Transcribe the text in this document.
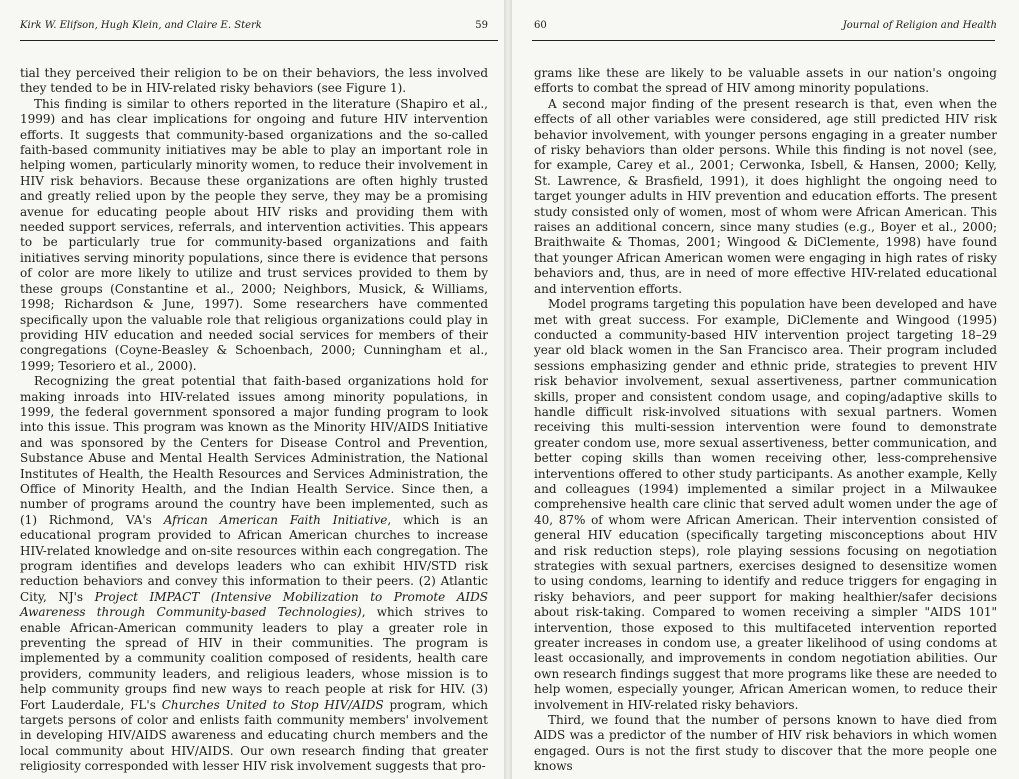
Kirk W. Elifson, Hugh Klein, and Claire E. Sterk	59

tial they perceived their religion to be on their behaviors, the less involved they tended to be in HIV-related risky behaviors (see Figure 1).

This finding is similar to others reported in the literature (Shapiro et al., 1999) and has clear implications for ongoing and future HIV intervention efforts. It suggests that community-based organizations and the so-called faith-based community initiatives may be able to play an important role in helping women, particularly minority women, to reduce their involvement in HIV risk behaviors. Because these organizations are often highly trusted and greatly relied upon by the people they serve, they may be a promising avenue for educating people about HIV risks and providing them with needed support services, referrals, and intervention activities. This appears to be particularly true for community-based organizations and faith initiatives serving minority populations, since there is evidence that persons of color are more likely to utilize and trust services provided to them by these groups (Constantine et al., 2000; Neighbors, Musick, & Williams, 1998; Richardson & June, 1997). Some researchers have commented specifically upon the valuable role that religious organizations could play in providing HIV education and needed social services for members of their congregations (Coyne-Beasley & Schoenbach, 2000; Cunningham et al., 1999; Tesoriero et al., 2000).

Recognizing the great potential that faith-based organizations hold for making inroads into HIV-related issues among minority populations, in 1999, the federal government sponsored a major funding program to look into this issue. This program was known as the Minority HIV/AIDS Initiative and was sponsored by the Centers for Disease Control and Prevention, Substance Abuse and Mental Health Services Administration, the National Institutes of Health, the Health Resources and Services Administration, the Office of Minority Health, and the Indian Health Service. Since then, a number of programs around the country have been implemented, such as (1) Richmond, VA's African American Faith Initiative, which is an educational program provided to African American churches to increase HIV-related knowledge and on-site resources within each congregation. The program identifies and develops leaders who can exhibit HIV/STD risk reduction behaviors and convey this information to their peers. (2) Atlantic City, NJ's Project IMPACT (Intensive Mobilization to Promote AIDS Awareness through Community-based Technologies), which strives to enable African-American community leaders to play a greater role in preventing the spread of HIV in their communities. The program is implemented by a community coalition composed of residents, health care providers, community leaders, and religious leaders, whose mission is to help community groups find new ways to reach people at risk for HIV. (3) Fort Lauderdale, FL's Churches United to Stop HIV/AIDS program, which targets persons of color and enlists faith community members' involvement in developing HIV/AIDS awareness and educating church members and the local community about HIV/AIDS. Our own research finding that greater religiosity corresponded with lesser HIV risk involvement suggests that pro-

60	Journal of Religion and Health

grams like these are likely to be valuable assets in our nation's ongoing efforts to combat the spread of HIV among minority populations.

A second major finding of the present research is that, even when the effects of all other variables were considered, age still predicted HIV risk behavior involvement, with younger persons engaging in a greater number of risky behaviors than older persons. While this finding is not novel (see, for example, Carey et al., 2001; Cerwonka, Isbell, & Hansen, 2000; Kelly, St. Lawrence, & Brasfield, 1991), it does highlight the ongoing need to target younger adults in HIV prevention and education efforts. The present study consisted only of women, most of whom were African American. This raises an additional concern, since many studies (e.g., Boyer et al., 2000; Braithwaite & Thomas, 2001; Wingood & DiClemente, 1998) have found that younger African American women were engaging in high rates of risky behaviors and, thus, are in need of more effective HIV-related educational and intervention efforts.

Model programs targeting this population have been developed and have met with great success. For example, DiClemente and Wingood (1995) conducted a community-based HIV intervention project targeting 18–29 year old black women in the San Francisco area. Their program included sessions emphasizing gender and ethnic pride, strategies to prevent HIV risk behavior involvement, sexual assertiveness, partner communication skills, proper and consistent condom usage, and coping/adaptive skills to handle difficult risk-involved situations with sexual partners. Women receiving this multi-session intervention were found to demonstrate greater condom use, more sexual assertiveness, better communication, and better coping skills than women receiving other, less-comprehensive interventions offered to other study participants. As another example, Kelly and colleagues (1994) implemented a similar project in a Milwaukee comprehensive health care clinic that served adult women under the age of 40, 87% of whom were African American. Their intervention consisted of general HIV education (specifically targeting misconceptions about HIV and risk reduction steps), role playing sessions focusing on negotiation strategies with sexual partners, exercises designed to desensitize women to using condoms, learning to identify and reduce triggers for engaging in risky behaviors, and peer support for making healthier/safer decisions about risk-taking. Compared to women receiving a simpler "AIDS 101" intervention, those exposed to this multifaceted intervention reported greater increases in condom use, a greater likelihood of using condoms at least occasionally, and improvements in condom negotiation abilities. Our own research findings suggest that more programs like these are needed to help women, especially younger, African American women, to reduce their involvement in HIV-related risky behaviors.

Third, we found that the number of persons known to have died from AIDS was a predictor of the number of HIV risk behaviors in which women engaged. Ours is not the first study to discover that the more people one knows
